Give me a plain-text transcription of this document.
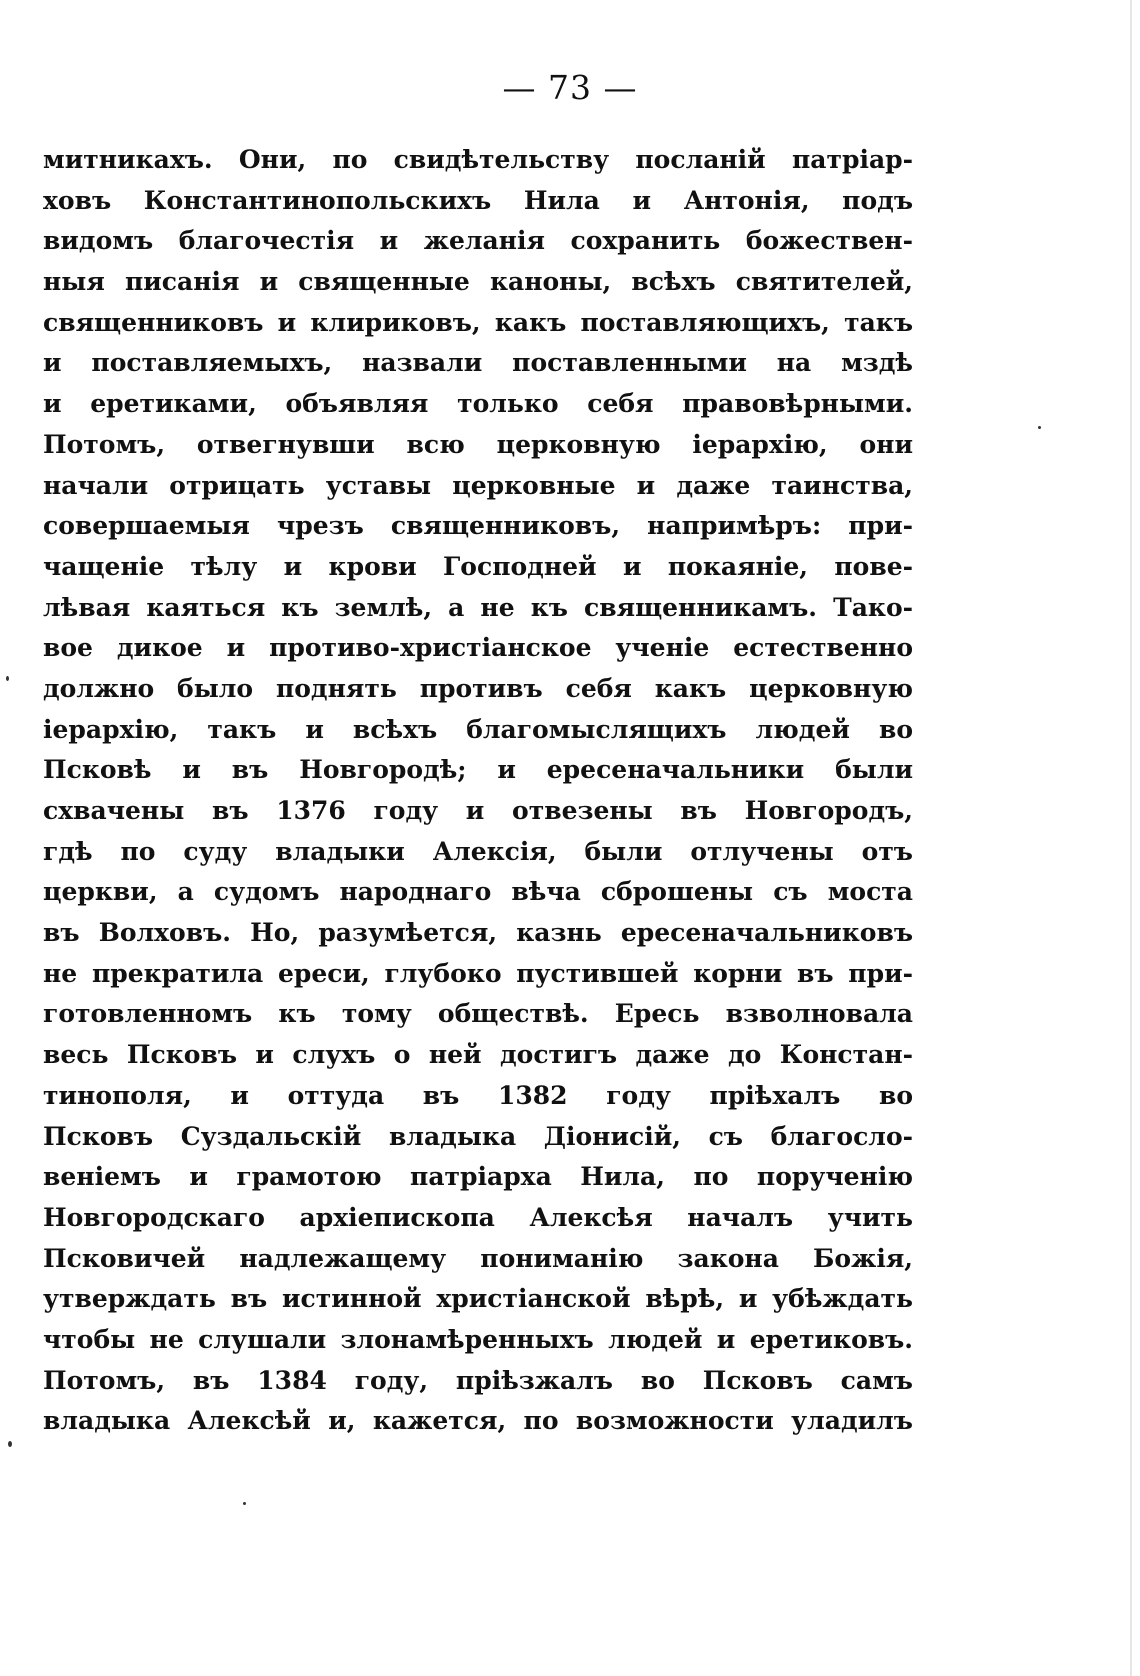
— 73 —
митникахъ. Они, по свидѣтельству посланій патріар-
ховъ Константинопольскихъ Нила и Антонія, подъ
видомъ благочестія и желанія сохранить божествен-
ныя писанія и священные каноны, всѣхъ святителей,
священниковъ и клириковъ, какъ поставляющихъ, такъ
и поставляемыхъ, назвали поставленными на мздѣ
и еретиками, объявляя только себя правовѣрными.
Потомъ, отвегнувши всю церковную іерархію, они
начали отрицать уставы церковные и даже таинства,
совершаемыя чрезъ священниковъ, напримѣръ: при-
чащеніе тѣлу и крови Господней и покаяніе, пове-
лѣвая каяться къ землѣ, а не къ священникамъ. Тако-
вое дикое и противо-христіанское ученіе естественно
должно было поднять противъ себя какъ церковную
іерархію, такъ и всѣхъ благомыслящихъ людей во
Псковѣ и въ Новгородѣ; и ересеначальники были
схвачены въ 1376 году и отвезены въ Новгородъ,
гдѣ по суду владыки Алексія, были отлучены отъ
церкви, а судомъ народнаго вѣча сброшены съ моста
въ Волховъ. Но, разумѣется, казнь ересеначальниковъ
не прекратила ереси, глубоко пустившей корни въ при-
готовленномъ къ тому обществѣ. Ересь взволновала
весь Псковъ и слухъ о ней достигъ даже до Констан-
тинополя, и оттуда въ 1382 году пріѣхалъ во
Псковъ Суздальскій владыка Діонисій, съ благосло-
веніемъ и грамотою патріарха Нила, по порученію
Новгородскаго архіепископа Алексѣя началъ учить
Псковичей надлежащему пониманію закона Божія,
утверждать въ истинной христіанской вѣрѣ, и убѣждать
чтобы не слушали злонамѣренныхъ людей и еретиковъ.
Потомъ, въ 1384 году, пріѣзжалъ во Псковъ самъ
владыка Алексѣй и, кажется, по возможности уладилъ
